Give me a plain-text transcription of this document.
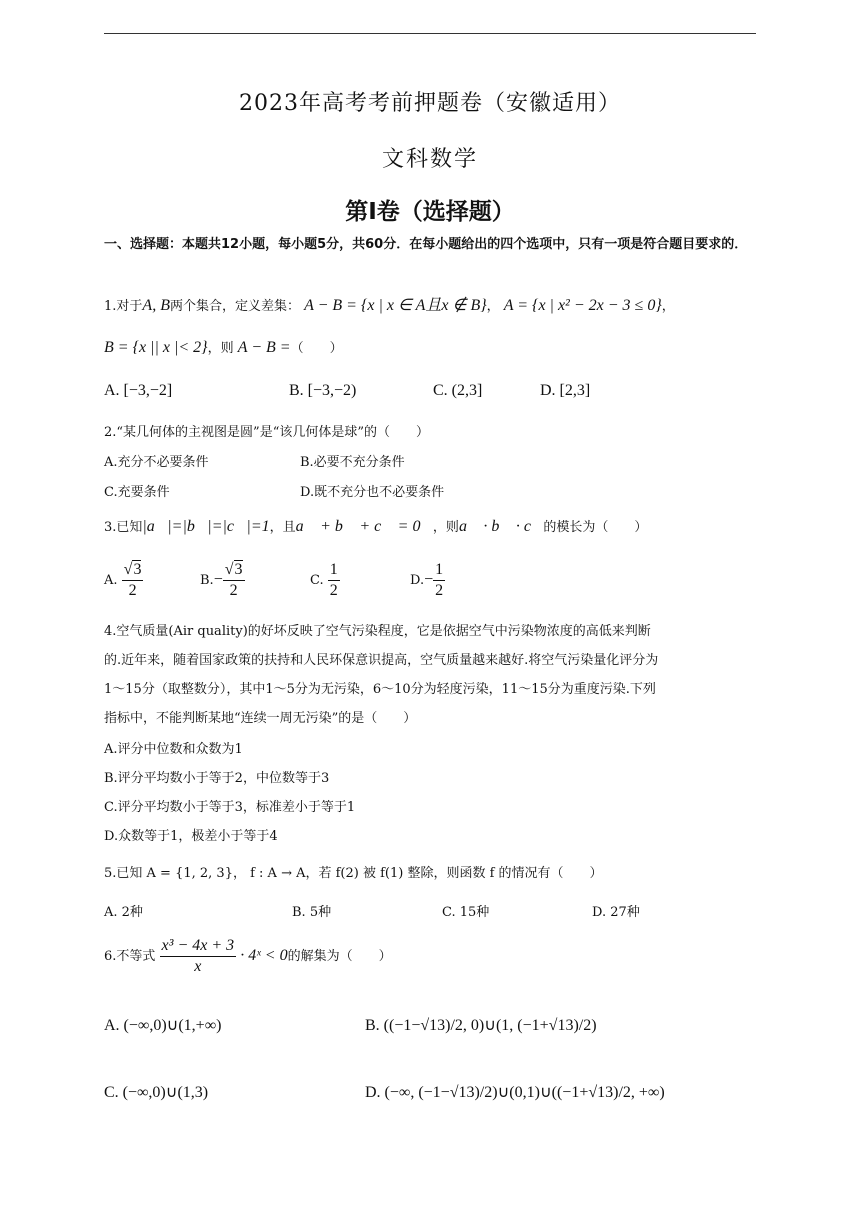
2023年高考考前押题卷（安徽适用）
文科数学
第Ⅰ卷（选择题）
一、选择题：本题共12小题，每小题5分，共60分．在每小题给出的四个选项中，只有一项是符合题目要求的．
1.对于A, B两个集合，定义差集： A − B = {x | x ∈ A且x ∉ B}， A = {x | x² − 2x − 3 ≤ 0}，
B = {x || x |< 2}，则 A − B =（　　）
A. [−3,−2]	B. [−3,−2)	C. (2,3]	D. [2,3]
2.“某几何体的主视图是圆”是“该几何体是球”的（　　）
A.充分不必要条件	B.必要不充分条件
C.充要条件	D.既不充分也不必要条件
3.已知|a⃗|=|b⃗|=|c⃗|=1，且a⃗ + b⃗ + c⃗ = 0⃗，则a⃗ · b⃗ · c⃗的模长为（　　）
A. $\frac{√3}{2}$	$B.- \frac{√3}{2}$	C. $\frac{1}{2}$	$D.- \frac{1}{2}$
4.空气质量(Air quality)的好坏反映了空气污染程度，它是依据空气中污染物浓度的高低来判断
的.近年来，随着国家政策的扶持和人民环保意识提高，空气质量越来越好.将空气污染量化评分为
1～15分（取整数分），其中1～5分为无污染，6～10分为轻度污染，11～15分为重度污染.下列
指标中，不能判断某地“连续一周无污染”的是（　　）
A.评分中位数和众数为1
B.评分平均数小于等于2，中位数等于3
C.评分平均数小于等于3，标准差小于等于1
D.众数等于1，极差小于等于4
5.已知 A = {1, 2, 3}， f : A → A，若 f(2) 被 f(1) 整除，则函数 f 的情况有（　　）
A. 2种	B. 5种	C. 15种	D. 27种
6.不等式 $\frac{\text{x³ − 4x + 3}}{x}$ · 4ˣ < 0的解集为（　　）
A. (−∞,0)∪(1,+∞)	B. ((−1−√13)/2, 0)∪(1, (−1+√13)/2)
C. (−∞,0)∪(1,3)	D. (−∞, (−1−√13)/2)∪(0,1)∪((−1+√13)/2, +∞)
